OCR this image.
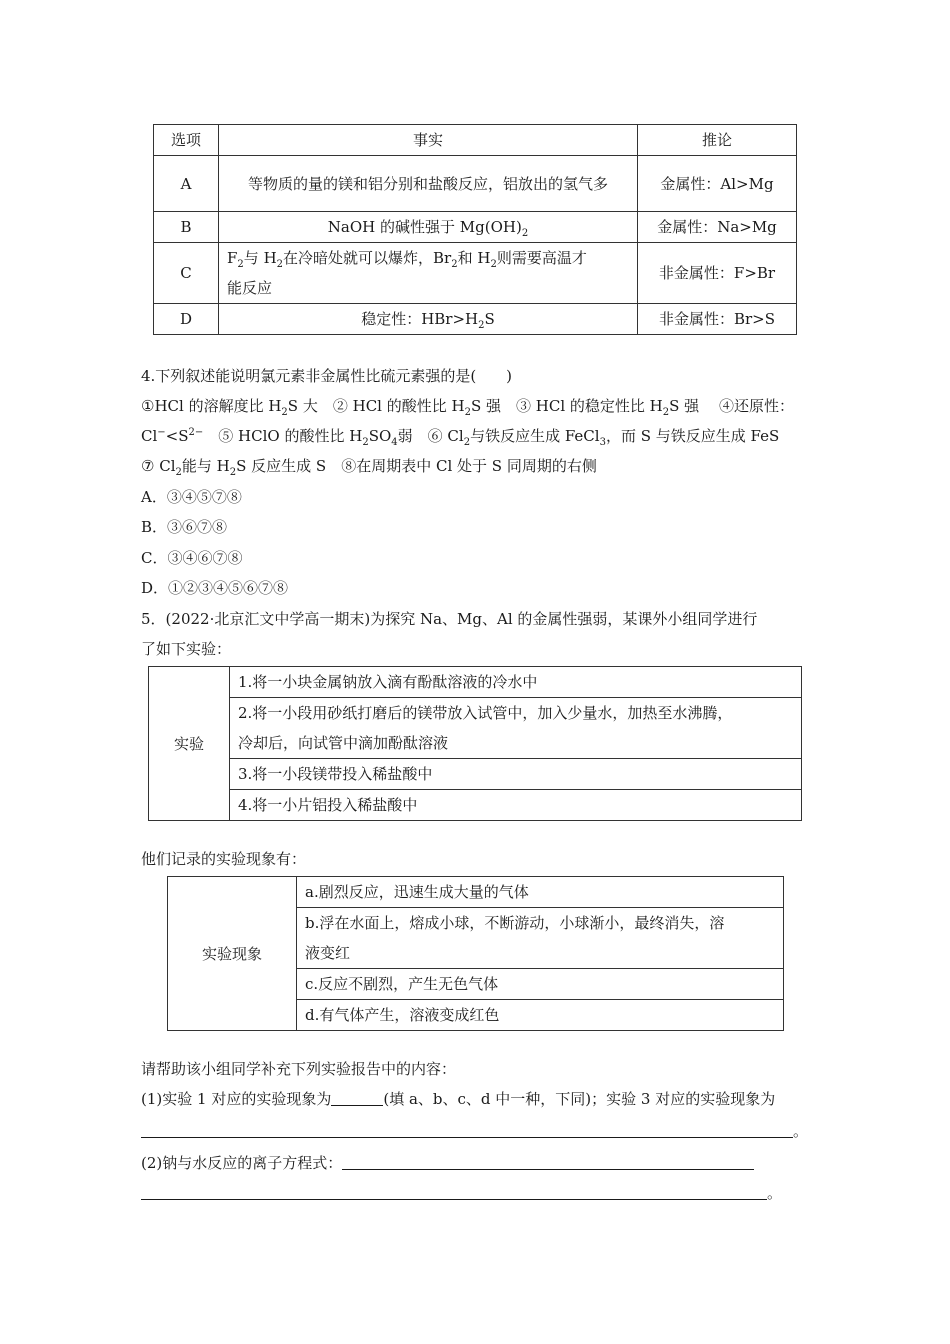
选项	事实	推论
A	等物质的量的镁和铝分别和盐酸反应，铝放出的氢气多	金属性：Al>Mg
B	NaOH 的碱性强于 $Mg(OH)_2$	金属性：Na>Mg
C	$F_2$与 $H_2$在冷暗处就可以爆炸，$Br_2$和 $H_2$则需要高温才
能反应	非金属性：F>Br
D	稳定性：$HBr>H_2S$	非金属性：Br>S
4.下列叙述能说明氯元素非金属性比硫元素强的是(　　)
①HCl 的溶解度比 $H_2S$ 大　② HCl 的酸性比 $H_2S$ 强　③ HCl 的稳定性比 $H_2S$ 强　 ④还原性：
$Cl^-<S^{2-}$　⑤ HClO 的酸性比 $H_2SO_4$弱　⑥ $Cl_2$与铁反应生成 FeCl$_3$，而 S 与铁反应生成 FeS
⑦ $Cl_2$能与 $H_2S$ 反应生成 S　⑧在周期表中 Cl 处于 S 同周期的右侧
A．③④⑤⑦⑧
B．③⑥⑦⑧
C．③④⑥⑦⑧
D．①②③④⑤⑥⑦⑧
5．(2022·北京汇文中学高一期末)为探究 Na、Mg、Al 的金属性强弱，某课外小组同学进行
了如下实验：
实验	1.将一小块金属钠放入滴有酚酞溶液的冷水中

2.将一小段用砂纸打磨后的镁带放入试管中，加入少量水，加热至水沸腾，
冷却后，向试管中滴加酚酞溶液

3.将一小段镁带投入稀盐酸中
4.将一小片铝投入稀盐酸中
他们记录的实验现象有：
实验现象	a.剧烈反应，迅速生成大量的气体

b.浮在水面上，熔成小球，不断游动，小球渐小，最终消失，溶
液变红

c.反应不剧烈，产生无色气体
d.有气体产生，溶液变成红色
请帮助该小组同学补充下列实验报告中的内容：
(1)实验 1 对应的实验现象为	(填 a、b、c、d 中一种，下同)；实验 3 对应的实验现象为
。
(2)钠与水反应的离子方程式：
。
